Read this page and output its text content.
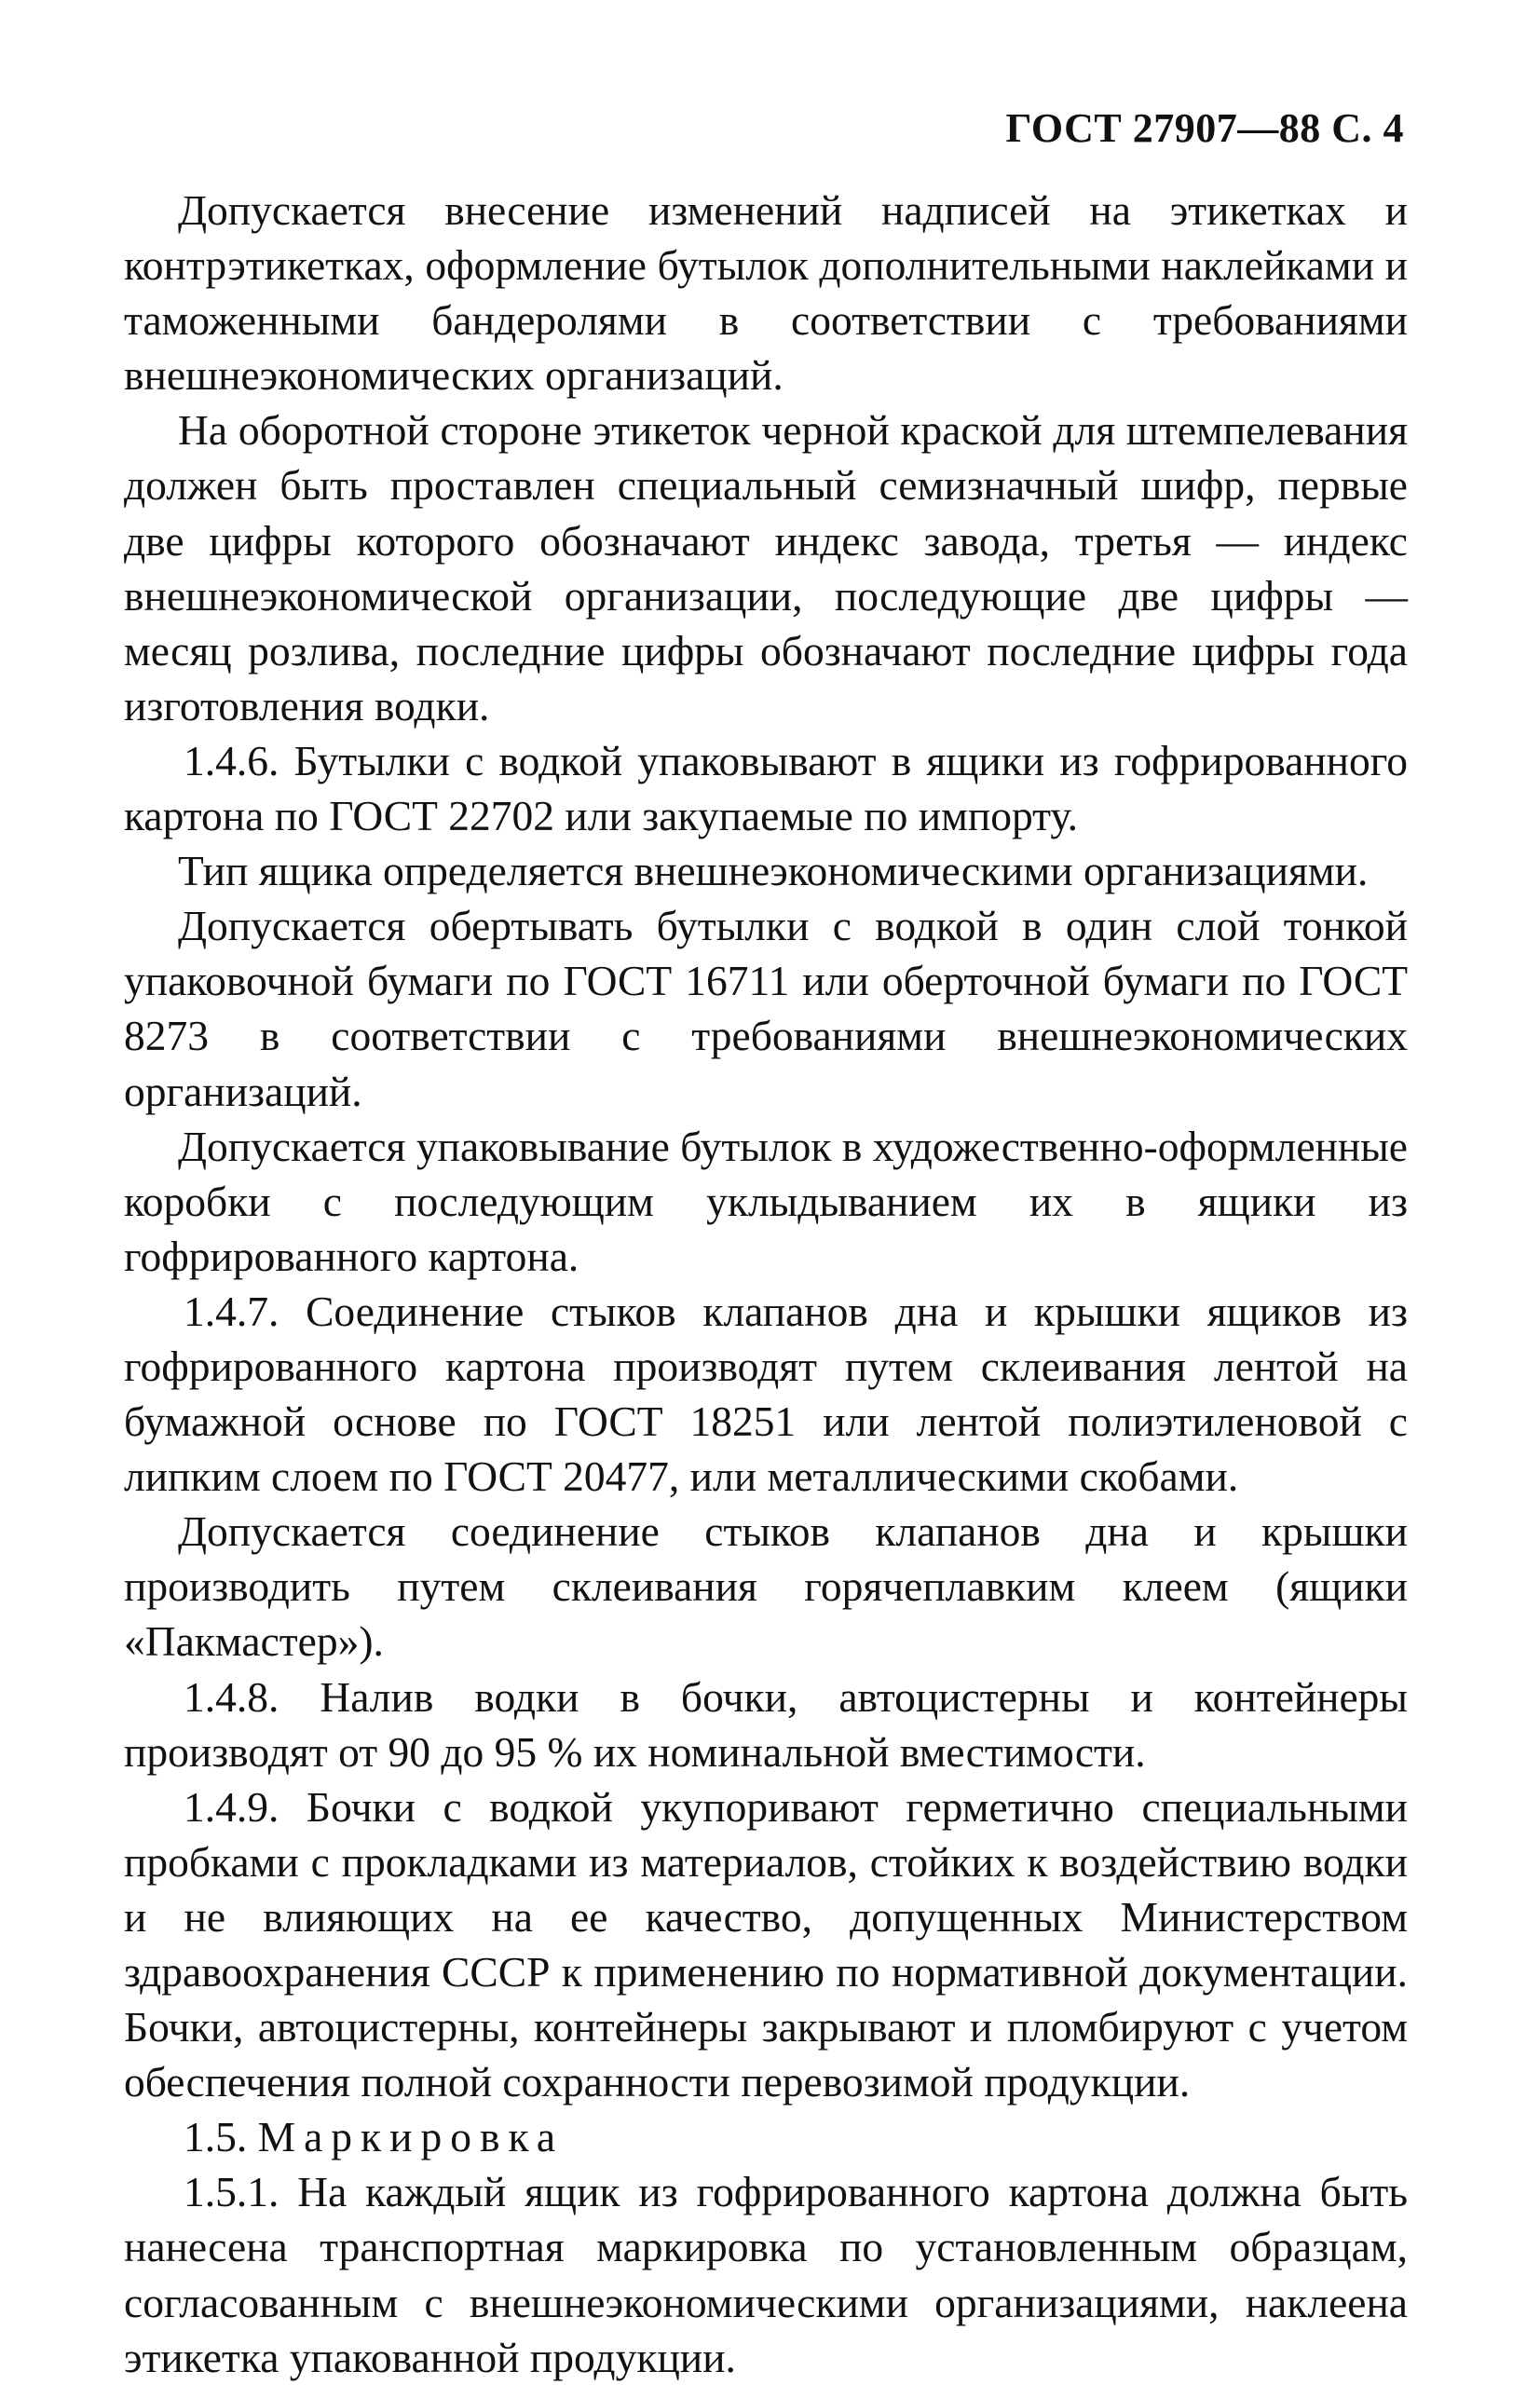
ГОСТ 27907—88 С. 4

Допускается внесение изменений надписей на этикетках и контрэтикетках, оформление бутылок дополнительными наклейками и таможенными бандеролями в соответствии с требованиями внешнеэкономических организаций.

На оборотной стороне этикеток черной краской для штемпелевания должен быть проставлен специальный семизначный шифр, первые две цифры которого обозначают индекс завода, третья — индекс внешнеэкономической организации, последующие две цифры — месяц розлива, последние цифры обозначают последние цифры года изготовления водки.

1.4.6. Бутылки с водкой упаковывают в ящики из гофрированного картона по ГОСТ 22702 или закупаемые по импорту.

Тип ящика определяется внешнеэкономическими организациями.

Допускается обертывать бутылки с водкой в один слой тонкой упаковочной бумаги по ГОСТ 16711 или оберточной бумаги по ГОСТ 8273 в соответствии с требованиями внешнеэкономических организаций.

Допускается упаковывание бутылок в художественно-оформленные коробки с последующим уклыдыванием их в ящики из гофрированного картона.

1.4.7. Соединение стыков клапанов дна и крышки ящиков из гофрированного картона производят путем склеивания лентой на бумажной основе по ГОСТ 18251 или лентой полиэтиленовой с липким слоем по ГОСТ 20477, или металлическими скобами.

Допускается соединение стыков клапанов дна и крышки производить путем склеивания горячеплавким клеем (ящики «Пакмастер»).

1.4.8. Налив водки в бочки, автоцистерны и контейнеры производят от 90 до 95 % их номинальной вместимости.

1.4.9. Бочки с водкой укупоривают герметично специальными пробками с прокладками из материалов, стойких к воздействию водки и не влияющих на ее качество, допущенных Министерством здравоохранения СССР к применению по нормативной документации. Бочки, автоцистерны, контейнеры закрывают и пломбируют с учетом обеспечения полной сохранности перевозимой продукции.

1.5. Маркировка

1.5.1. На каждый ящик из гофрированного картона должна быть нанесена транспортная маркировка по установленным образцам, согласованным с внешнеэкономическими организациями, наклеена этикетка упакованной продукции.
